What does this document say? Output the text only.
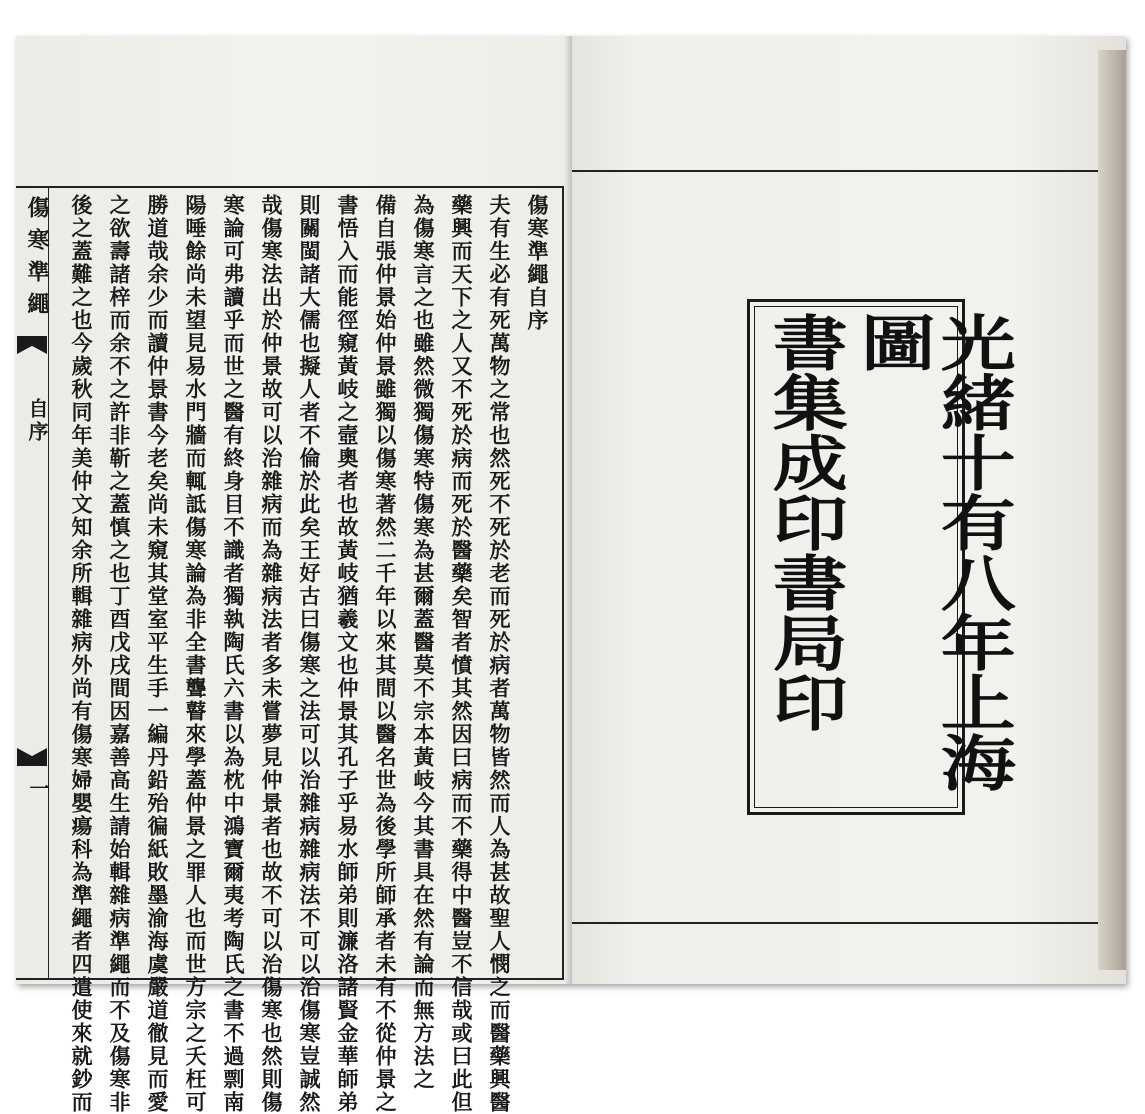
傷寒準繩
自序
一
傷寒準繩自序
夫有生必有死萬物之常也然死不死於老而死於病者萬物皆然而人為甚故聖人憫之而醫藥興醫
藥興而天下之人又不死於病而死於醫藥矣智者憤其然因曰病而不藥得中醫豈不信哉或曰此但
為傷寒言之也雖然微獨傷寒特傷寒為甚爾蓋醫莫不宗本黃岐今其書具在然有論而無方法之
備自張仲景始仲景雖獨以傷寒著然二千年以來其間以醫名世為後學所師承者未有不從仲景之
書悟入而能徑窺黃岐之壼奧者也故黃岐猶羲文也仲景其孔子乎易水師弟則濂洛諸賢金華師弟
則關閩諸大儒也擬人者不倫於此矣王好古曰傷寒之法可以治雜病雜病法不可以治傷寒豈誠然
哉傷寒法出於仲景故可以治雜病而為雜病法者多未嘗夢見仲景者也故不可以治傷寒也然則傷
寒論可弗讀乎而世之醫有終身目不識者獨執陶氏六書以為枕中鴻寶爾夷考陶氏之書不過剽南
陽唾餘尚未望見易水門牆而輒詆傷寒論為非全書聾瞽來學蓋仲景之罪人也而世方宗之夭枉可
勝道哉余少而讀仲景書今老矣尚未窺其堂室平生手一編丹鉛殆徧紙敗墨渝海虞嚴道徹見而愛
之欲壽諸梓而余不之許非靳之蓋慎之也丁酉戊戌間因嘉善高生請始輯雜病準繩而不及傷寒非
後之蓋難之也今歲秋同年美仲文知余所輯雜病外尚有傷寒婦嬰瘍科為準繩者四遣使來就鈔而	光緒十有八年上海圖
書集成印書局印
